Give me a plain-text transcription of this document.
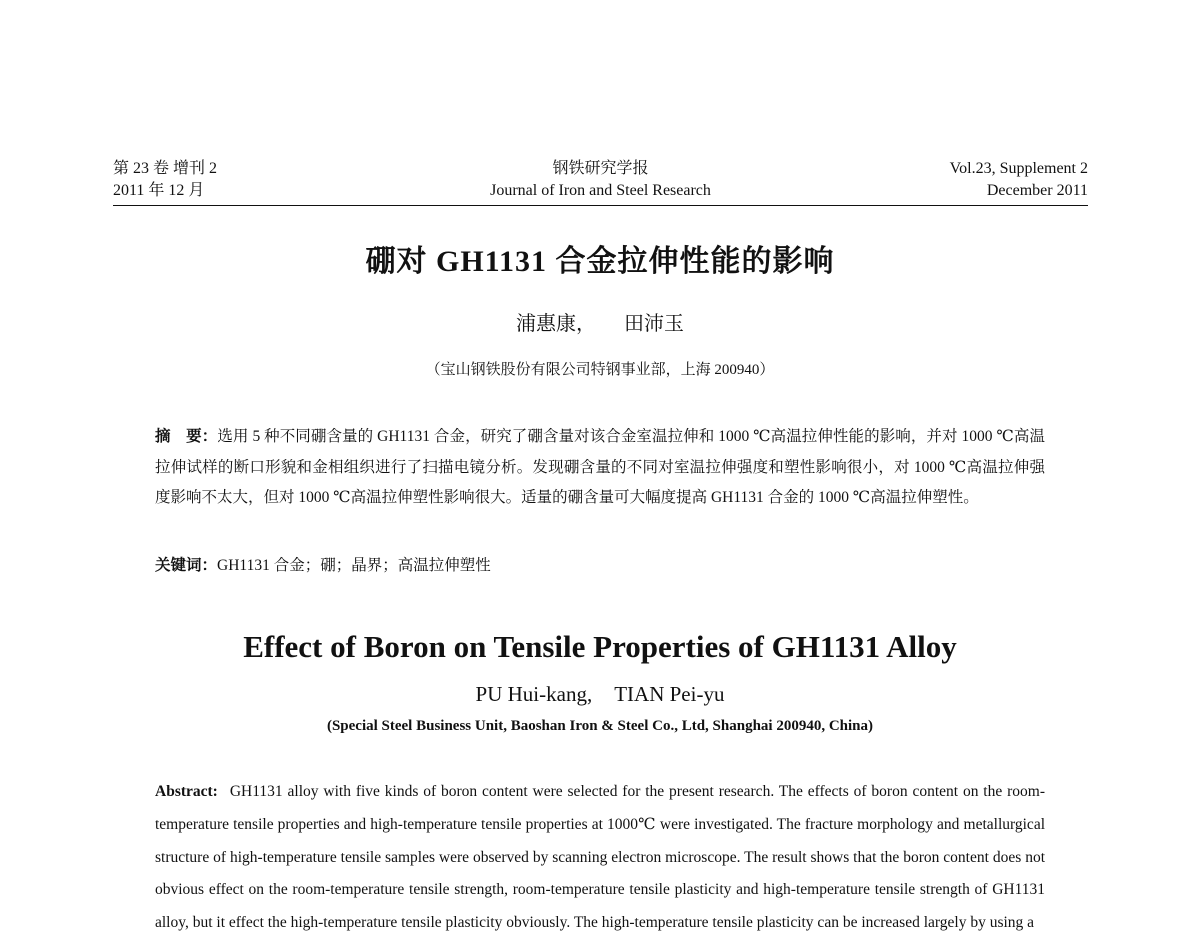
第 23 卷 增刊 2
2011 年 12 月
钢铁研究学报
Journal of Iron and Steel Research
Vol.23, Supplement 2
December 2011
硼对 GH1131 合金拉伸性能的影响
浦惠康， 田沛玉
（宝山钢铁股份有限公司特钢事业部，上海 200940）
摘　要：选用 5 种不同硼含量的 GH1131 合金，研究了硼含量对该合金室温拉伸和 1000 ℃高温拉伸性能的影响，并对 1000 ℃高温拉伸试样的断口形貌和金相组织进行了扫描电镜分析。发现硼含量的不同对室温拉伸强度和塑性影响很小，对 1000 ℃高温拉伸强度影响不太大，但对 1000 ℃高温拉伸塑性影响很大。适量的硼含量可大幅度提高 GH1131 合金的 1000 ℃高温拉伸塑性。
关键词：GH1131 合金；硼；晶界；高温拉伸塑性
Effect of Boron on Tensile Properties of GH1131 Alloy
PU Hui-kang, TIAN Pei-yu
(Special Steel Business Unit, Baoshan Iron & Steel Co., Ltd, Shanghai 200940, China)
Abstract: GH1131 alloy with five kinds of boron content were selected for the present research. The effects of boron content on the room-temperature tensile properties and high-temperature tensile properties at 1000℃ were investigated. The fracture morphology and metallurgical structure of high-temperature tensile samples were observed by scanning electron microscope. The result shows that the boron content does not obvious effect on the room-temperature tensile strength, room-temperature tensile plasticity and high-temperature tensile strength of GH1131 alloy, but it effect the high-temperature tensile plasticity obviously. The high-temperature tensile plasticity can be increased largely by using a
